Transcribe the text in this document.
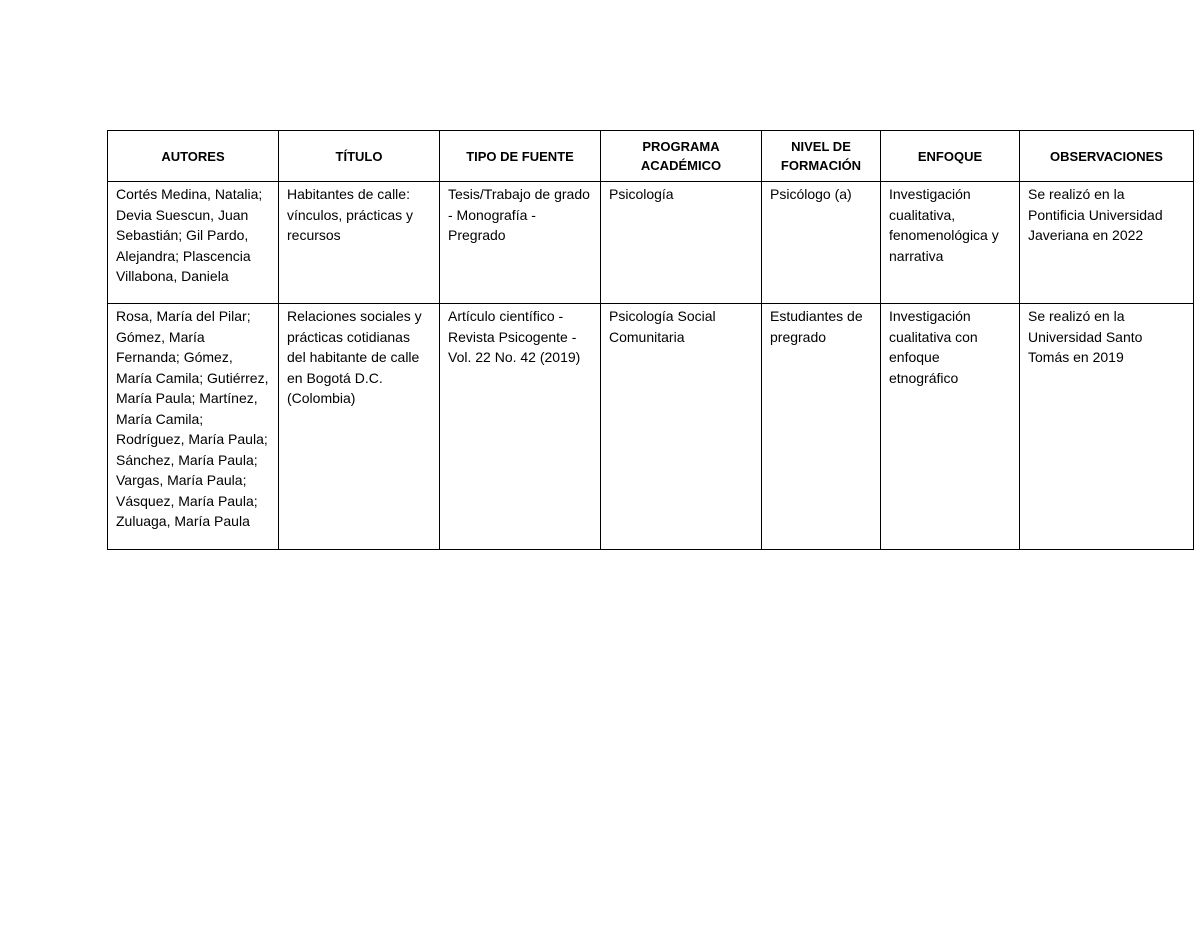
AUTORES	TÍTULO	TIPO DE FUENTE	PROGRAMA ACADÉMICO	NIVEL DE FORMACIÓN	ENFOQUE	OBSERVACIONES
Cortés Medina, Natalia; Devia Suescun, Juan Sebastián; Gil Pardo, Alejandra; Plascencia Villabona, Daniela	Habitantes de calle: vínculos, prácticas y recursos	Tesis/Trabajo de grado - Monografía - Pregrado	Psicología	Psicólogo (a)	Investigación cualitativa, fenomenológica y narrativa	Se realizó en la Pontificia Universidad Javeriana en 2022
Rosa, María del Pilar; Gómez, María Fernanda; Gómez, María Camila; Gutiérrez, María Paula; Martínez, María Camila; Rodríguez, María Paula; Sánchez, María Paula; Vargas, María Paula; Vásquez, María Paula; Zuluaga, María Paula	Relaciones sociales y prácticas cotidianas del habitante de calle en Bogotá D.C. (Colombia)	Artículo científico - Revista Psicogente - Vol. 22 No. 42 (2019)	Psicología Social Comunitaria	Estudiantes de pregrado	Investigación cualitativa con enfoque etnográfico	Se realizó en la Universidad Santo Tomás en 2019
